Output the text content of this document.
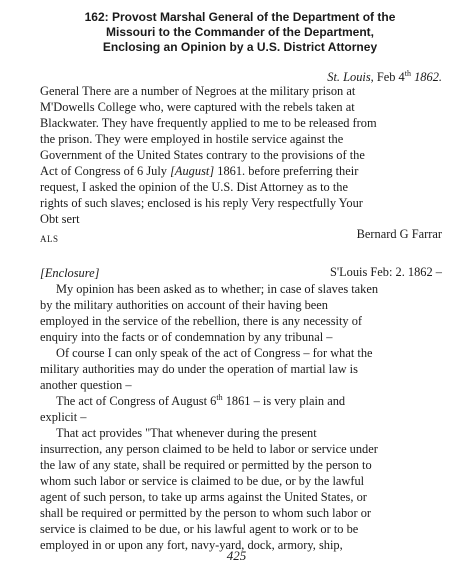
162: Provost Marshal General of the Department of the
Missouri to the Commander of the Department,
Enclosing an Opinion by a U.S. District Attorney

St. Louis, Feb 4th 1862.

General There are a number of Negroes at the military prison at

M'Dowells College who, were captured with the rebels taken at

Blackwater. They have frequently applied to me to be released from

the prison. They were employed in hostile service against the

Government of the United States contrary to the provisions of the

Act of Congress of 6 July [August] 1861. before preferring their

request, I asked the opinion of the U.S. Dist Attorney as to the

rights of such slaves; enclosed is his reply Very respectfully Your

Obt sert

ALS	Bernard G Farrar

[Enclosure]	S'Louis Feb: 2. 1862 –

My opinion has been asked as to whether; in case of slaves taken

by the military authorities on account of their having been

employed in the service of the rebellion, there is any necessity of

enquiry into the facts or of condemnation by any tribunal –

Of course I can only speak of the act of Congress – for what the

military authorities may do under the operation of martial law is

another question –

The act of Congress of August 6th 1861 – is very plain and

explicit –

That act provides "That whenever during the present

insurrection, any person claimed to be held to labor or service under

the law of any state, shall be required or permitted by the person to

whom such labor or service is claimed to be due, or by the lawful

agent of such person, to take up arms against the United States, or

shall be required or permitted by the person to whom such labor or

service is claimed to be due, or his lawful agent to work or to be

employed in or upon any fort, navy-yard, dock, armory, ship,

425
